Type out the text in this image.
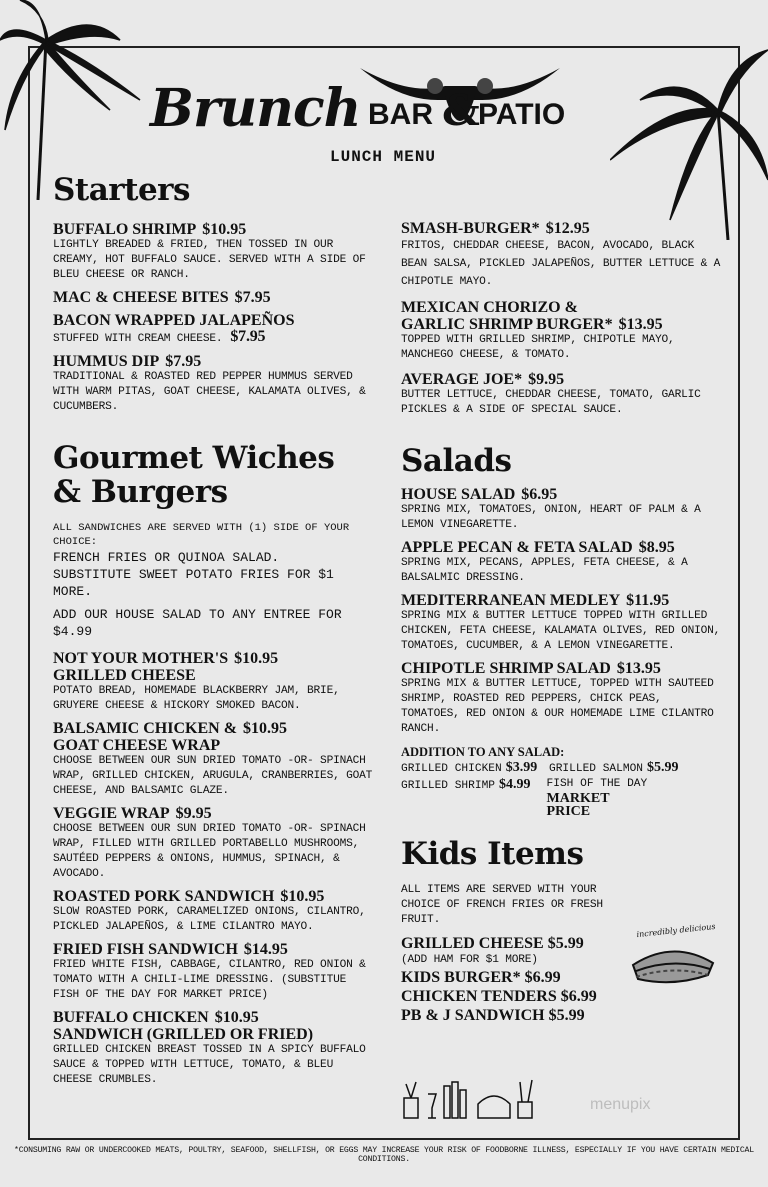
Brunch BAR &
PATIO
LUNCH MENU
Starters

BUFFALO SHRIMP $10.95

LIGHTLY BREADED & FRIED, THEN TOSSED IN OUR CREAMY, HOT BUFFALO SAUCE. SERVED WITH A SIDE OF BLEU CHEESE OR RANCH.

MAC & CHEESE BITES $7.95

BACON WRAPPED JALAPEÑOS

STUFFED WITH CREAM CHEESE. $7.95

HUMMUS DIP $7.95

TRADITIONAL & ROASTED RED PEPPER HUMMUS SERVED WITH WARM PITAS, GOAT CHEESE, KALAMATA OLIVES, & CUCUMBERS.

Gourmet Wiches
& Burgers

ALL SANDWICHES ARE SERVED WITH (1) SIDE OF YOUR CHOICE:

FRENCH FRIES OR QUINOA SALAD.

SUBSTITUTE SWEET POTATO FRIES FOR $1 MORE.

ADD OUR HOUSE SALAD TO ANY ENTREE FOR $4.99

NOT YOUR MOTHER'S $10.95

GRILLED CHEESE

POTATO BREAD, HOMEMADE BLACKBERRY JAM, BRIE, GRUYERE CHEESE & HICKORY SMOKED BACON.

BALSAMIC CHICKEN & $10.95

GOAT CHEESE WRAP

CHOOSE BETWEEN OUR SUN DRIED TOMATO -OR- SPINACH WRAP, GRILLED CHICKEN, ARUGULA, CRANBERRIES, GOAT CHEESE, AND BALSAMIC GLAZE.

VEGGIE WRAP $9.95

CHOOSE BETWEEN OUR SUN DRIED TOMATO -OR- SPINACH WRAP, FILLED WITH GRILLED PORTABELLO MUSHROOMS, SAUTÉED PEPPERS & ONIONS, HUMMUS, SPINACH, & AVOCADO.

ROASTED PORK SANDWICH $10.95

SLOW ROASTED PORK, CARAMELIZED ONIONS, CILANTRO, PICKLED JALAPEÑOS, & LIME CILANTRO MAYO.

FRIED FISH SANDWICH $14.95

FRIED WHITE FISH, CABBAGE, CILANTRO, RED ONION & TOMATO WITH A CHILI-LIME DRESSING. (SUBSTITUE FISH OF THE DAY FOR MARKET PRICE)

BUFFALO CHICKEN $10.95

SANDWICH (GRILLED OR FRIED)

GRILLED CHICKEN BREAST TOSSED IN A SPICY BUFFALO SAUCE & TOPPED WITH LETTUCE, TOMATO, & BLEU CHEESE CRUMBLES.

SMASH-BURGER* $12.95

FRITOS, CHEDDAR CHEESE, BACON, AVOCADO, BLACK BEAN SALSA, PICKLED JALAPEÑOS, BUTTER LETTUCE & A CHIPOTLE MAYO.

MEXICAN CHORIZO &

GARLIC SHRIMP BURGER* $13.95

TOPPED WITH GRILLED SHRIMP, CHIPOTLE MAYO, MANCHEGO CHEESE, & TOMATO.

AVERAGE JOE* $9.95

BUTTER LETTUCE, CHEDDAR CHEESE, TOMATO, GARLIC PICKLES & A SIDE OF SPECIAL SAUCE.

Salads

HOUSE SALAD $6.95

SPRING MIX, TOMATOES, ONION, HEART OF PALM & A LEMON VINEGARETTE.

APPLE PECAN & FETA SALAD $8.95

SPRING MIX, PECANS, APPLES, FETA CHEESE, & A BALSALMIC DRESSING.

MEDITERRANEAN MEDLEY $11.95

SPRING MIX & BUTTER LETTUCE TOPPED WITH GRILLED CHICKEN, FETA CHEESE, KALAMATA OLIVES, RED ONION, TOMATOES, CUCUMBER, & A LEMON VINEGARETTE.

CHIPOTLE SHRIMP SALAD $13.95

SPRING MIX & BUTTER LETTUCE, TOPPED WITH SAUTEED SHRIMP, ROASTED RED PEPPERS, CHICK PEAS, TOMATOES, RED ONION & OUR HOMEMADE LIME CILANTRO RANCH.

ADDITION TO ANY SALAD:

GRILLED CHICKEN $3.99	GRILLED SALMON $5.99
GRILLED SHRIMP $4.99	FISH OF THE DAY MARKET PRICE
Kids Items

ALL ITEMS ARE SERVED WITH YOUR CHOICE OF FRENCH FRIES OR FRESH FRUIT.

GRILLED CHEESE $5.99

(ADD HAM FOR $1 MORE)

KIDS BURGER* $6.99

CHICKEN TENDERS $6.99

PB & J SANDWICH $5.99

incredibly delicious
menupix
*CONSUMING RAW OR UNDERCOOKED MEATS, POULTRY, SEAFOOD, SHELLFISH, OR EGGS MAY INCREASE YOUR RISK OF FOODBORNE ILLNESS, ESPECIALLY IF YOU HAVE CERTAIN MEDICAL CONDITIONS.
